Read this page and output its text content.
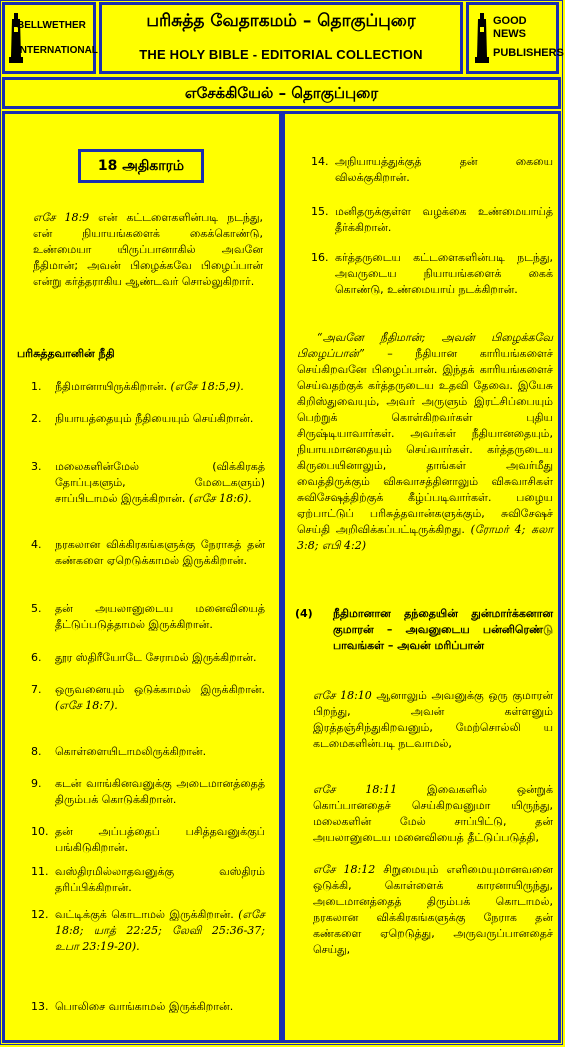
BELLWETHER
INTERNATIONAL
பரிசுத்த வேதாகமம் – தொகுப்புரை
THE HOLY BIBLE - EDITORIAL COLLECTION
GOOD NEWS
PUBLISHERS
எசேக்கியேல் – தொகுப்புரை
18 அதிகாரம்
எசே 18:9 என் கட்டளைகளின்படி நடந்து, என் நியாயங்களைக் கைக்கொண்டு, உண்மையா யிருப்பானாகில் அவனே நீதிமான்; அவன் பிழைக்கவே பிழைப்பான் என்று கர்த்தராகிய ஆண்டவர் சொல்லுகிறார்.
பரிசுத்தவானின் நீதி
1. நீதிமானாயிருக்கிறான். (எசே 18:5,9).
2. நியாயத்தையும் நீதியையும் செய்கிறான்.
3. மலைகளின்மேல் (விக்கிரகத் தோப்புகளும், மேடைகளும்) சாப்பிடாமல் இருக்கிறான். (எசே 18:6).
4. நரகலான விக்கிரகங்களுக்கு நேராகத் தன் கண்களை ஏறெடுக்காமல் இருக்கிறான்.
5. தன் அயலானுடைய மனைவியைத் தீட்டுப்படுத்தாமல் இருக்கிறான்.
6. தூர ஸ்திரீயோடே சேராமல் இருக்கிறான்.
7. ஒருவனையும் ஒடுக்காமல் இருக்கிறான். (எசே 18:7).
8. கொள்ளையிடாமலிருக்கிறான்.
9. கடன் வாங்கினவனுக்கு அடைமானத்தைத் திரும்பக் கொடுக்கிறான்.
10. தன் அப்பத்தைப் பசித்தவனுக்குப் பங்கிடுகிறான்.
11. வஸ்திரமில்லாதவனுக்கு வஸ்திரம் தரிப்பிக்கிறான்.
12. வட்டிக்குக் கொடாமல் இருக்கிறான். (எசே 18:8; யாத் 22:25; லேவி 25:36-37; உபா 23:19-20).
13. பொலிசை வாங்காமல் இருக்கிறான்.
14. அநியாயத்துக்குத் தன் கையை விலக்குகிறான்.
15. மனிதருக்குள்ள வழக்கை உண்மையாய்த் தீர்க்கிறான்.
16. கர்த்தருடைய கட்டளைகளின்படி நடந்து, அவருடைய நியாயங்களைக் கைக் கொண்டு, உண்மையாய் நடக்கிறான்.
“அவனே நீதிமான்; அவன் பிழைக்கவே பிழைப்பான்” – நீதியான காரியங்களைச் செய்கிறவனே பிழைப்பான். இந்தக் காரியங்களைச் செய்வதற்குக் கர்த்தருடைய உதவி தேவை. இயேசு கிறிஸ்துவையும், அவர் அருளும் இரட்சிப்பையும் பெற்றுக் கொள்கிறவர்கள் புதிய சிருஷ்டியாவார்கள். அவர்கள் நீதியானதையும், நியாயமானதையும் செய்வார்கள். கர்த்தருடைய கிருபையினாலும், தாங்கள் அவர்மீது வைத்திருக்கும் விசுவாசத்தினாலும் விசுவாசிகள் சுவிசேஷத்திற்குக் கீழ்ப்படிவார்கள். பழைய ஏற்பாட்டுப் பரிசுத்தவான்களுக்கும், சுவிசேஷச் செய்தி அறிவிக்கப்பட்டிருக்கிறது. (ரோமர் 4; கலா 3:8; எபி 4:2)
(4)	நீதிமானான தந்தையின் துன்மார்க்கனான குமாரன் – அவனுடைய பன்னிரெண்டு பாவங்கள் – அவன் மரிப்பான்
எசே 18:10 ஆனாலும் அவனுக்கு ஒரு குமாரன் பிறந்து, அவன் கள்ளனும் இரத்தஞ்சிந்துகிறவனும், மேற்சொல்லி ய கடமைகளின்படி நடவாமல்,
எசே 18:11 இவைகளில் ஒன்றுக் கொப்பானதைச் செய்கிறவனுமா யிருந்து, மலைகளின் மேல் சாப்பிட்டு, தன் அயலானுடைய மனைவியைத் தீட்டுப்படுத்தி,
எசே 18:12 சிறுமையும் எளிமையுமானவனை ஒடுக்கி, கொள்ளைக் காரனாயிருந்து, அடைமானத்தைத் திரும்பக் கொடாமல், நரகலான விக்கிரகங்களுக்கு நேராக தன் கண்களை ஏறெடுத்து, அருவருப்பானதைச் செய்து,
